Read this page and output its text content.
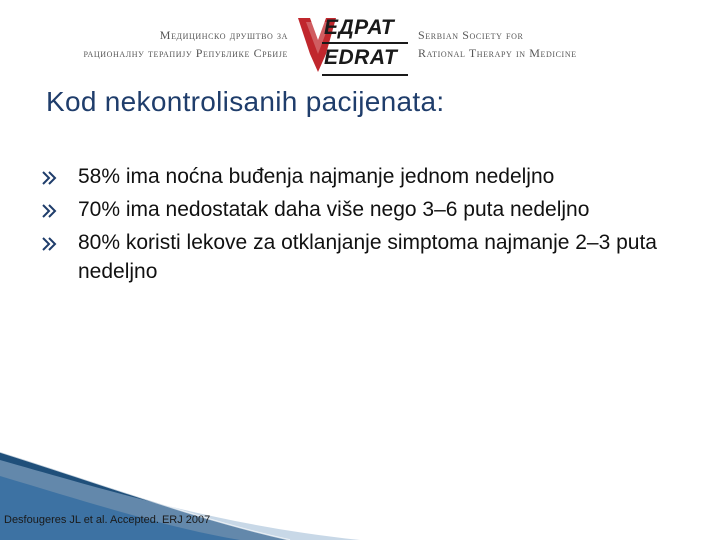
Медицинско друштво за
рационалну терапију Републике Србије
ЕДРАТ
EDRAT
Serbian Society for
Rational Therapy in Medicine
Kod nekontrolisanih pacijenata:
58% ima noćna buđenja najmanje jednom nedeljno
70% ima nedostatak daha više nego 3–6 puta nedeljno
80% koristi lekove za otklanjanje simptoma najmanje 2–3 puta nedeljno
Desfougeres JL et al. Accepted. ERJ 2007
